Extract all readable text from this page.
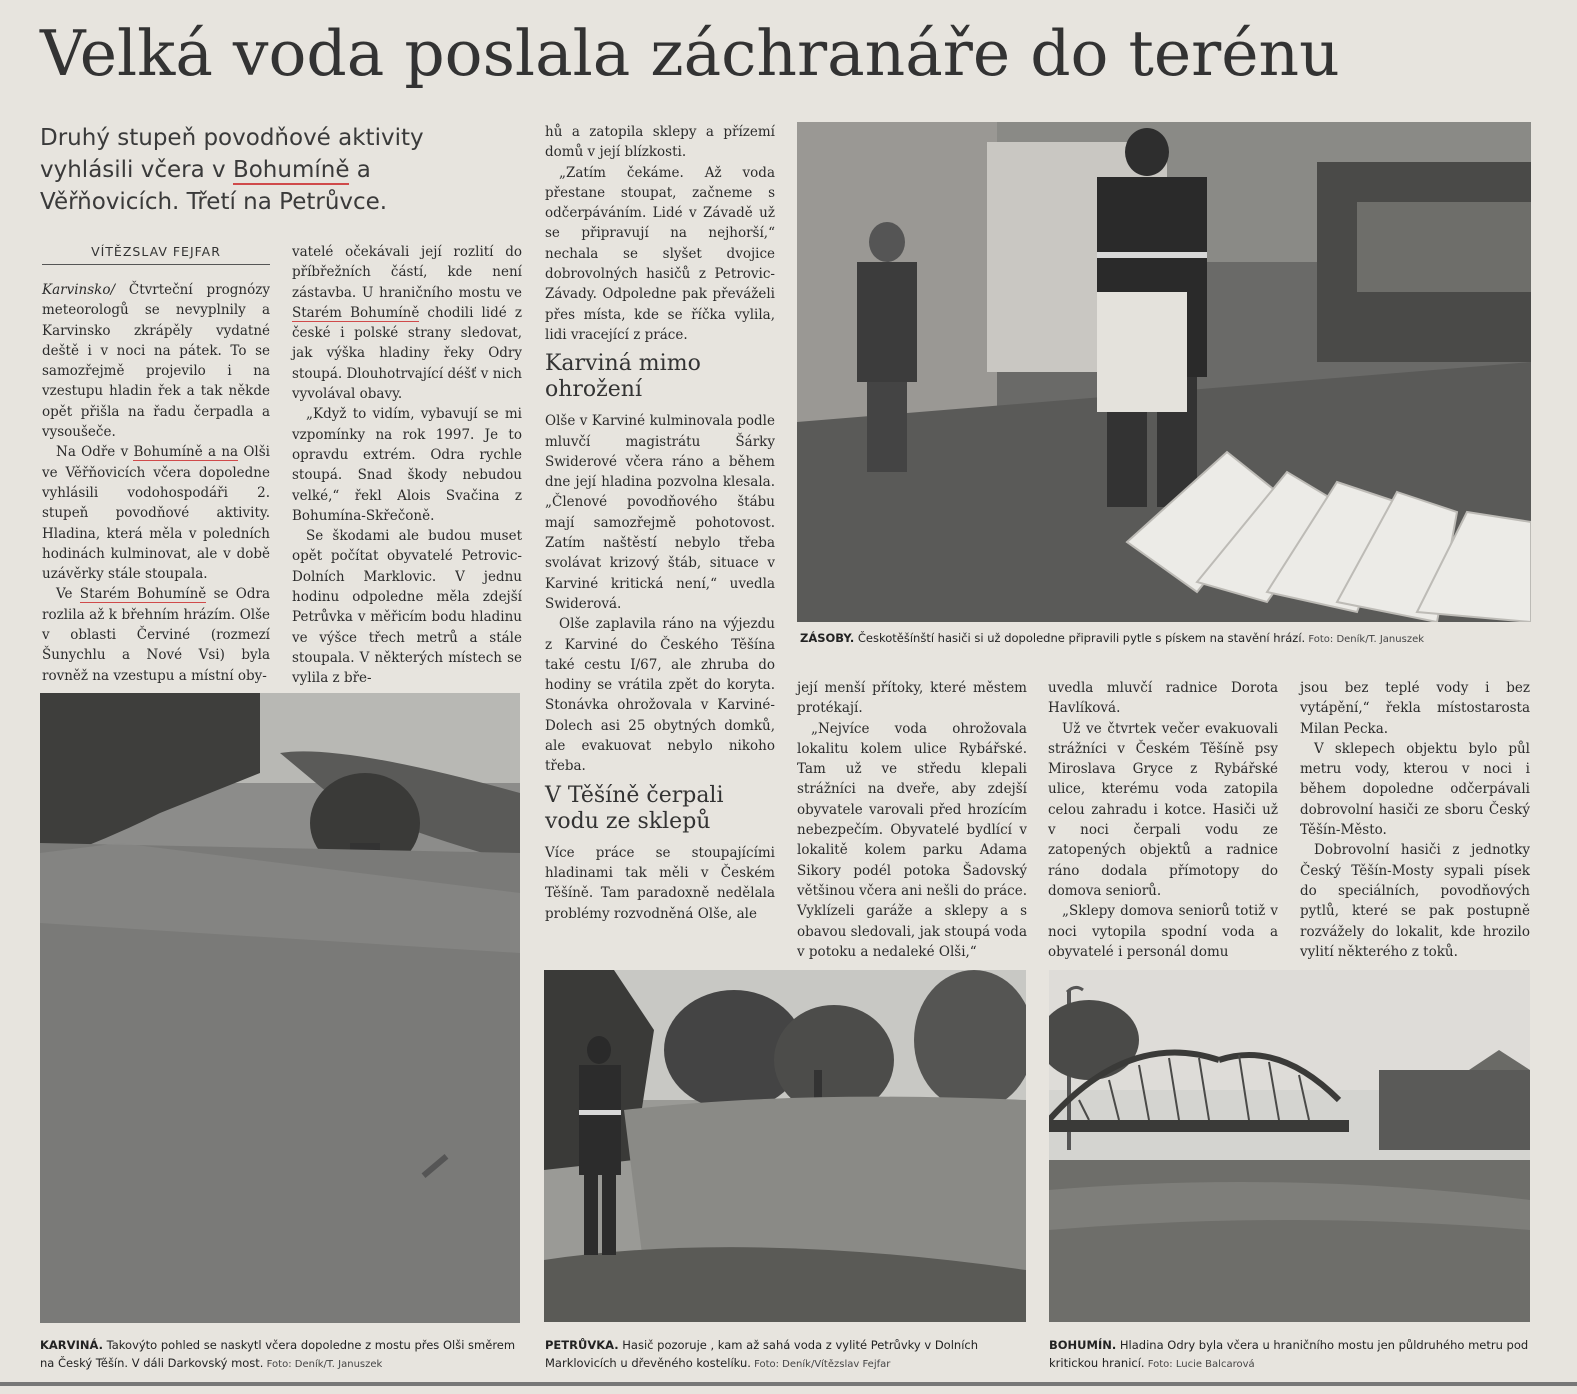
Velká voda poslala záchranáře do terénu
Druhý stupeň povodňové aktivity vyhlásili včera v Bohumíně a Věřňovicích. Třetí na Petrůvce.
VÍTĚZSLAV FEJFAR

Karvinsko/ Čtvrteční prognózy meteorologů se nevyplnily a Karvinsko zkrápěly vydatné deště i v noci na pátek. To se samozřejmě projevilo i na vzestupu hladin řek a tak někde opět přišla na řadu čerpadla a vysoušeče.

Na Odře v Bohumíně a na Olši ve Věřňovicích včera dopoledne vyhlásili vodohospodáři 2. stupeň povodňové aktivity. Hladina, která měla v poledních hodinách kulminovat, ale v době uzávěrky stále stoupala.

Ve Starém Bohumíně se Odra rozlila až k břehním hrázím. Olše v oblasti Červiné (rozmezí Šunychlu a Nové Vsi) byla rovněž na vzestupu a místní oby-

vatelé očekávali její rozlití do příbřežních částí, kde není zástavba. U hraničního mostu ve Starém Bohumíně chodili lidé z české i polské strany sledovat, jak výška hladiny řeky Odry stoupá. Dlouhotrvající déšť v nich vyvolával obavy.

„Když to vidím, vybavují se mi vzpomínky na rok 1997. Je to opravdu extrém. Odra rychle stoupá. Snad škody nebudou velké,“ řekl Alois Svačina z Bohumína-Skřečoně.

Se škodami ale budou muset opět počítat obyvatelé Petrovic-Dolních Marklovic. V jednu hodinu odpoledne měla zdejší Petrůvka v měřicím bodu hladinu ve výšce třech metrů a stále stoupala. V některých místech se vylila z bře-

hů a zatopila sklepy a přízemí domů v její blízkosti.

„Zatím čekáme. Až voda přestane stoupat, začneme s odčerpáváním. Lidé v Závadě už se připravují na nejhorší,“ nechala se slyšet dvojice dobrovolných hasičů z Petrovic-Závady. Odpoledne pak převáželi přes místa, kde se říčka vylila, lidi vracející z práce.

Karviná mimo ohrožení

Olše v Karviné kulminovala podle mluvčí magistrátu Šárky Swiderové včera ráno a během dne její hladina pozvolna klesala. „Členové povodňového štábu mají samozřejmě pohotovost. Zatím naštěstí nebylo třeba svolávat krizový štáb, situace v Karviné kritická není,“ uvedla Swiderová.

Olše zaplavila ráno na výjezdu z Karviné do Českého Těšína také cestu I/67, ale zhruba do hodiny se vrátila zpět do koryta. Stonávka ohrožovala v Karviné-Dolech asi 25 obytných domků, ale evakuovat nebylo nikoho třeba.

V Těšíně čerpali vodu ze sklepů

Více práce se stoupajícími hladinami tak měli v Českém Těšíně. Tam paradoxně nedělala problémy rozvodněná Olše, ale

její menší přítoky, které městem protékají.

„Nejvíce voda ohrožovala lokalitu kolem ulice Rybářské. Tam už ve středu klepali strážníci na dveře, aby zdejší obyvatele varovali před hrozícím nebezpečím. Obyvatelé bydlící v lokalitě kolem parku Adama Sikory podél potoka Šadovský většinou včera ani nešli do práce. Vyklízeli garáže a sklepy a s obavou sledovali, jak stoupá voda v potoku a nedaleké Olši,“

uvedla mluvčí radnice Dorota Havlíková.

Už ve čtvrtek večer evakuovali strážníci v Českém Těšíně psy Miroslava Gryce z Rybářské ulice, kterému voda zatopila celou zahradu i kotce. Hasiči už v noci čerpali vodu ze zatopených objektů a radnice ráno dodala přímotopy do domova seniorů.

„Sklepy domova seniorů totiž v noci vytopila spodní voda a obyvatelé i personál domu

jsou bez teplé vody i bez vytápění,“ řekla místostarosta Milan Pecka.

V sklepech objektu bylo půl metru vody, kterou v noci i během dopoledne odčerpávali dobrovolní hasiči ze sboru Český Těšín-Město.

Dobrovolní hasiči z jednotky Český Těšín-Mosty sypali písek do speciálních, povodňových pytlů, které se pak postupně rozvážely do lokalit, kde hrozilo vylití některého z toků.

ZÁSOBY. Českotěšínští hasiči si už dopoledne připravili pytle s pískem na stavění hrází. Foto: Deník/T. Januszek
KARVINÁ. Takovýto pohled se naskytl včera dopoledne z mostu přes Olši směrem na Český Těšín. V dáli Darkovský most. Foto: Deník/T. Januszek
PETRŮVKA. Hasič pozoruje , kam až sahá voda z vylité Petrůvky v Dolních Marklovicích u dřevěného kostelíku. Foto: Deník/Vítězslav Fejfar
BOHUMÍN. Hladina Odry byla včera u hraničního mostu jen půldruhého metru pod kritickou hranicí. Foto: Lucie Balcarová
